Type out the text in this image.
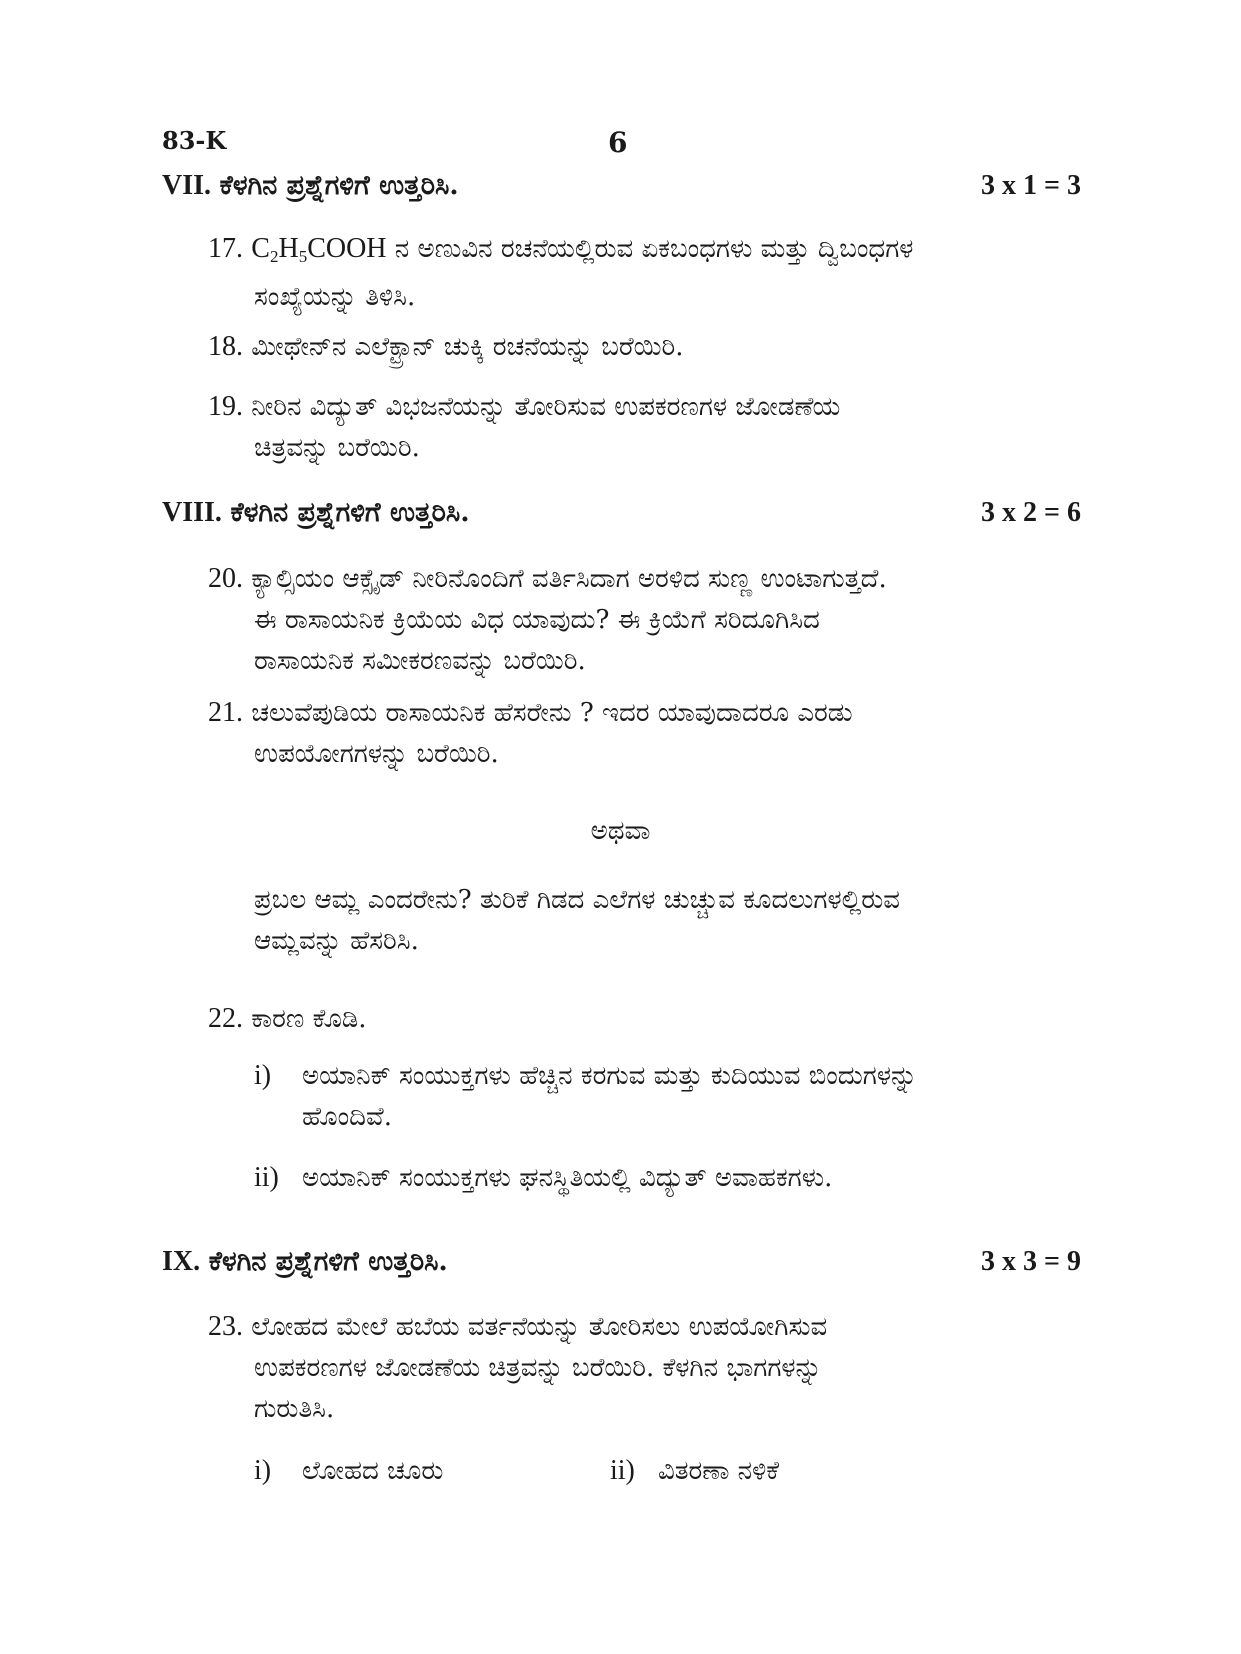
83-K	6
VII. ಕೆಳಗಿನ ಪ್ರಶ್ನೆಗಳಿಗೆ ಉತ್ತರಿಸಿ.	3 x 1 = 3
17. $C_2H_5COOH$ ನ ಅಣುವಿನ ರಚನೆಯಲ್ಲಿರುವ ಏಕಬಂಧಗಳು ಮತ್ತು ದ್ವಿಬಂಧಗಳ
ಸಂಖ್ಯೆಯನ್ನು ತಿಳಿಸಿ.
18. ಮೀಥೇನ್‌ನ ಎಲೆಕ್ಟ್ರಾನ್ ಚುಕ್ಕಿ ರಚನೆಯನ್ನು ಬರೆಯಿರಿ.
19. ನೀರಿನ ವಿದ್ಯುತ್ ವಿಭಜನೆಯನ್ನು ತೋರಿಸುವ ಉಪಕರಣಗಳ ಜೋಡಣೆಯ
ಚಿತ್ರವನ್ನು ಬರೆಯಿರಿ.
VIII. ಕೆಳಗಿನ ಪ್ರಶ್ನೆಗಳಿಗೆ ಉತ್ತರಿಸಿ.	3 x 2 = 6
20. ಕ್ಯಾಲ್ಸಿಯಂ ಆಕ್ಸೈಡ್ ನೀರಿನೊಂದಿಗೆ ವರ್ತಿಸಿದಾಗ ಅರಳಿದ ಸುಣ್ಣ ಉಂಟಾಗುತ್ತದೆ.
ಈ ರಾಸಾಯನಿಕ ಕ್ರಿಯೆಯ ವಿಧ ಯಾವುದು? ಈ ಕ್ರಿಯೆಗೆ ಸರಿದೂಗಿಸಿದ
ರಾಸಾಯನಿಕ ಸಮೀಕರಣವನ್ನು ಬರೆಯಿರಿ.
21. ಚಲುವೆಪುಡಿಯ ರಾಸಾಯನಿಕ ಹೆಸರೇನು ? ಇದರ ಯಾವುದಾದರೂ ಎರಡು
ಉಪಯೋಗಗಳನ್ನು ಬರೆಯಿರಿ.
ಅಥವಾ
ಪ್ರಬಲ ಆಮ್ಲ ಎಂದರೇನು? ತುರಿಕೆ ಗಿಡದ ಎಲೆಗಳ ಚುಚ್ಚುವ ಕೂದಲುಗಳಲ್ಲಿರುವ
ಆಮ್ಲವನ್ನು ಹೆಸರಿಸಿ.
22. ಕಾರಣ ಕೊಡಿ.
i) ಅಯಾನಿಕ್ ಸಂಯುಕ್ತಗಳು ಹೆಚ್ಚಿನ ಕರಗುವ ಮತ್ತು ಕುದಿಯುವ ಬಿಂದುಗಳನ್ನು
ಹೊಂದಿವೆ.
ii) ಅಯಾನಿಕ್ ಸಂಯುಕ್ತಗಳು ಘನಸ್ಥಿತಿಯಲ್ಲಿ ವಿದ್ಯುತ್ ಅವಾಹಕಗಳು.
IX. ಕೆಳಗಿನ ಪ್ರಶ್ನೆಗಳಿಗೆ ಉತ್ತರಿಸಿ.	3 x 3 = 9
23. ಲೋಹದ ಮೇಲೆ ಹಬೆಯ ವರ್ತನೆಯನ್ನು ತೋರಿಸಲು ಉಪಯೋಗಿಸುವ
ಉಪಕರಣಗಳ ಜೋಡಣೆಯ ಚಿತ್ರವನ್ನು ಬರೆಯಿರಿ. ಕೆಳಗಿನ ಭಾಗಗಳನ್ನು
ಗುರುತಿಸಿ.
i) ಲೋಹದ ಚೂರು	ii) ವಿತರಣಾ ನಳಿಕೆ
